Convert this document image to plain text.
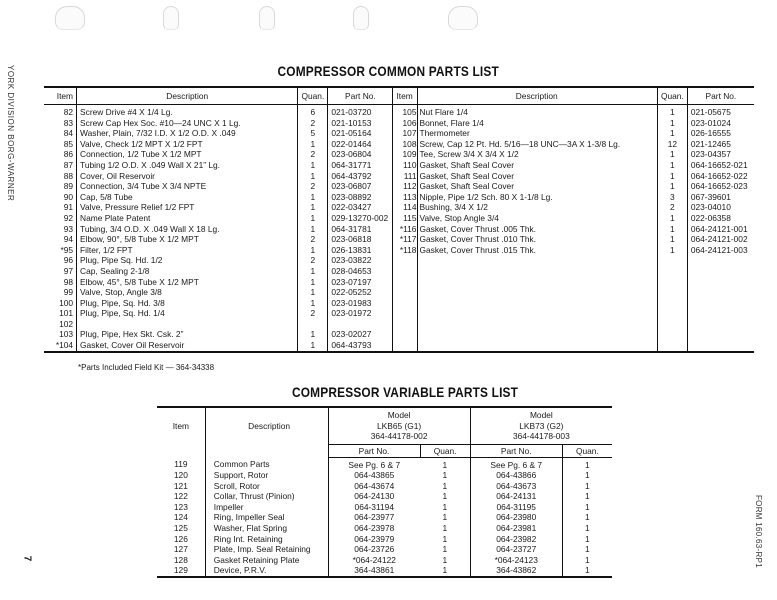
YORK DIVISION BORG-WARNER
FORM 160.63-RP1
7
COMPRESSOR COMMON PARTS LIST
Item	Description	Quan.	Part No.	Item	Description	Quan.	Part No.
82	Screw Drive #4 X 1/4 Lg.	6	021-03720	105	Nut Flare 1/4	1	021-05675
83	Screw Cap Hex Soc. #10—24 UNC X 1 Lg.	2	021-10153	106	Bonnet, Flare 1/4	1	023-01024
84	Washer, Plain, 7/32 I.D. X 1/2 O.D. X .049	5	021-05164	107	Thermometer	1	026-16555
85	Valve, Check 1/2 MPT X 1/2 FPT	1	022-01464	108	Screw, Cap 12 Pt. Hd. 5/16—18 UNC—3A X 1-3/8 Lg.	12	021-12465
86	Connection, 1/2 Tube X 1/2 MPT	2	023-06804	109	Tee, Screw 3/4 X 3/4 X 1/2	1	023-04357
87	Tubing 1/2 O.D. X .049 Wall X 21” Lg.	1	064-31771	110	Gasket, Shaft Seal Cover	1	064-16652-021
88	Cover, Oil Reservoir	1	064-43792	111	Gasket, Shaft Seal Cover	1	064-16652-022
89	Connection, 3/4 Tube X 3/4 NPTE	2	023-06807	112	Gasket, Shaft Seal Cover	1	064-16652-023
90	Cap, 5/8 Tube	1	023-08892	113	Nipple, Pipe 1/2 Sch. 80 X 1-1/8 Lg.	3	067-39601
91	Valve, Pressure Relief 1/2 FPT	1	022-03427	114	Bushing, 3/4 X 1/2	2	023-04010
92	Name Plate Patent	1	029-13270-002	115	Valve, Stop Angle 3/4	1	022-06358
93	Tubing, 3/4 O.D. X .049 Wall X 18 Lg.	1	064-31781	*116	Gasket, Cover Thrust .005 Thk.	1	064-24121-001
94	Elbow, 90°, 5/8 Tube X 1/2 MPT	2	023-06818	*117	Gasket, Cover Thrust .010 Thk.	1	064-24121-002
*95	Filter, 1/2 FPT	1	026-13831	*118	Gasket, Cover Thrust .015 Thk.	1	064-24121-003
96	Plug, Pipe Sq. Hd. 1/2	2	023-03822				
97	Cap, Sealing 2-1/8	1	028-04653				
98	Elbow, 45°, 5/8 Tube X 1/2 MPT	1	023-07197				
99	Valve, Stop, Angle 3/8	1	022-05252				
100	Plug, Pipe, Sq. Hd. 3/8	1	023-01983				
101	Plug, Pipe, Sq. Hd. 1/4	2	023-01972				
102							
103	Plug, Pipe, Hex Skt. Csk. 2”	1	023-02027				
*104	Gasket, Cover Oil Reservoir	1	064-43793				
*Parts Included Field Kit — 364-34338
COMPRESSOR VARIABLE PARTS LIST
Item	Description	
Model
LKB65 (G1)
364-44178-002

Model
LKB73 (G2)
364-44178-003

		Part No.	Quan.	Part No.	Quan.
119	Common Parts	See Pg. 6 & 7	1	See Pg. 6 & 7	1
120	Support, Rotor	064-43865	1	064-43866	1
121	Scroll, Rotor	064-43674	1	064-43673	1
122	Collar, Thrust (Pinion)	064-24130	1	064-24131	1
123	Impeller	064-31194	1	064-31195	1
124	Ring, Impeller Seal	064-23977	1	064-23980	1
125	Washer, Flat Spring	064-23978	1	064-23981	1
126	Ring Int. Retaining	064-23979	1	064-23982	1
127	Plate, Imp. Seal Retaining	064-23726	1	064-23727	1
128	Gasket Retaining Plate	*064-24122	1	*064-24123	1
129	Device, P.R.V.	364-43861	1	364-43862	1
